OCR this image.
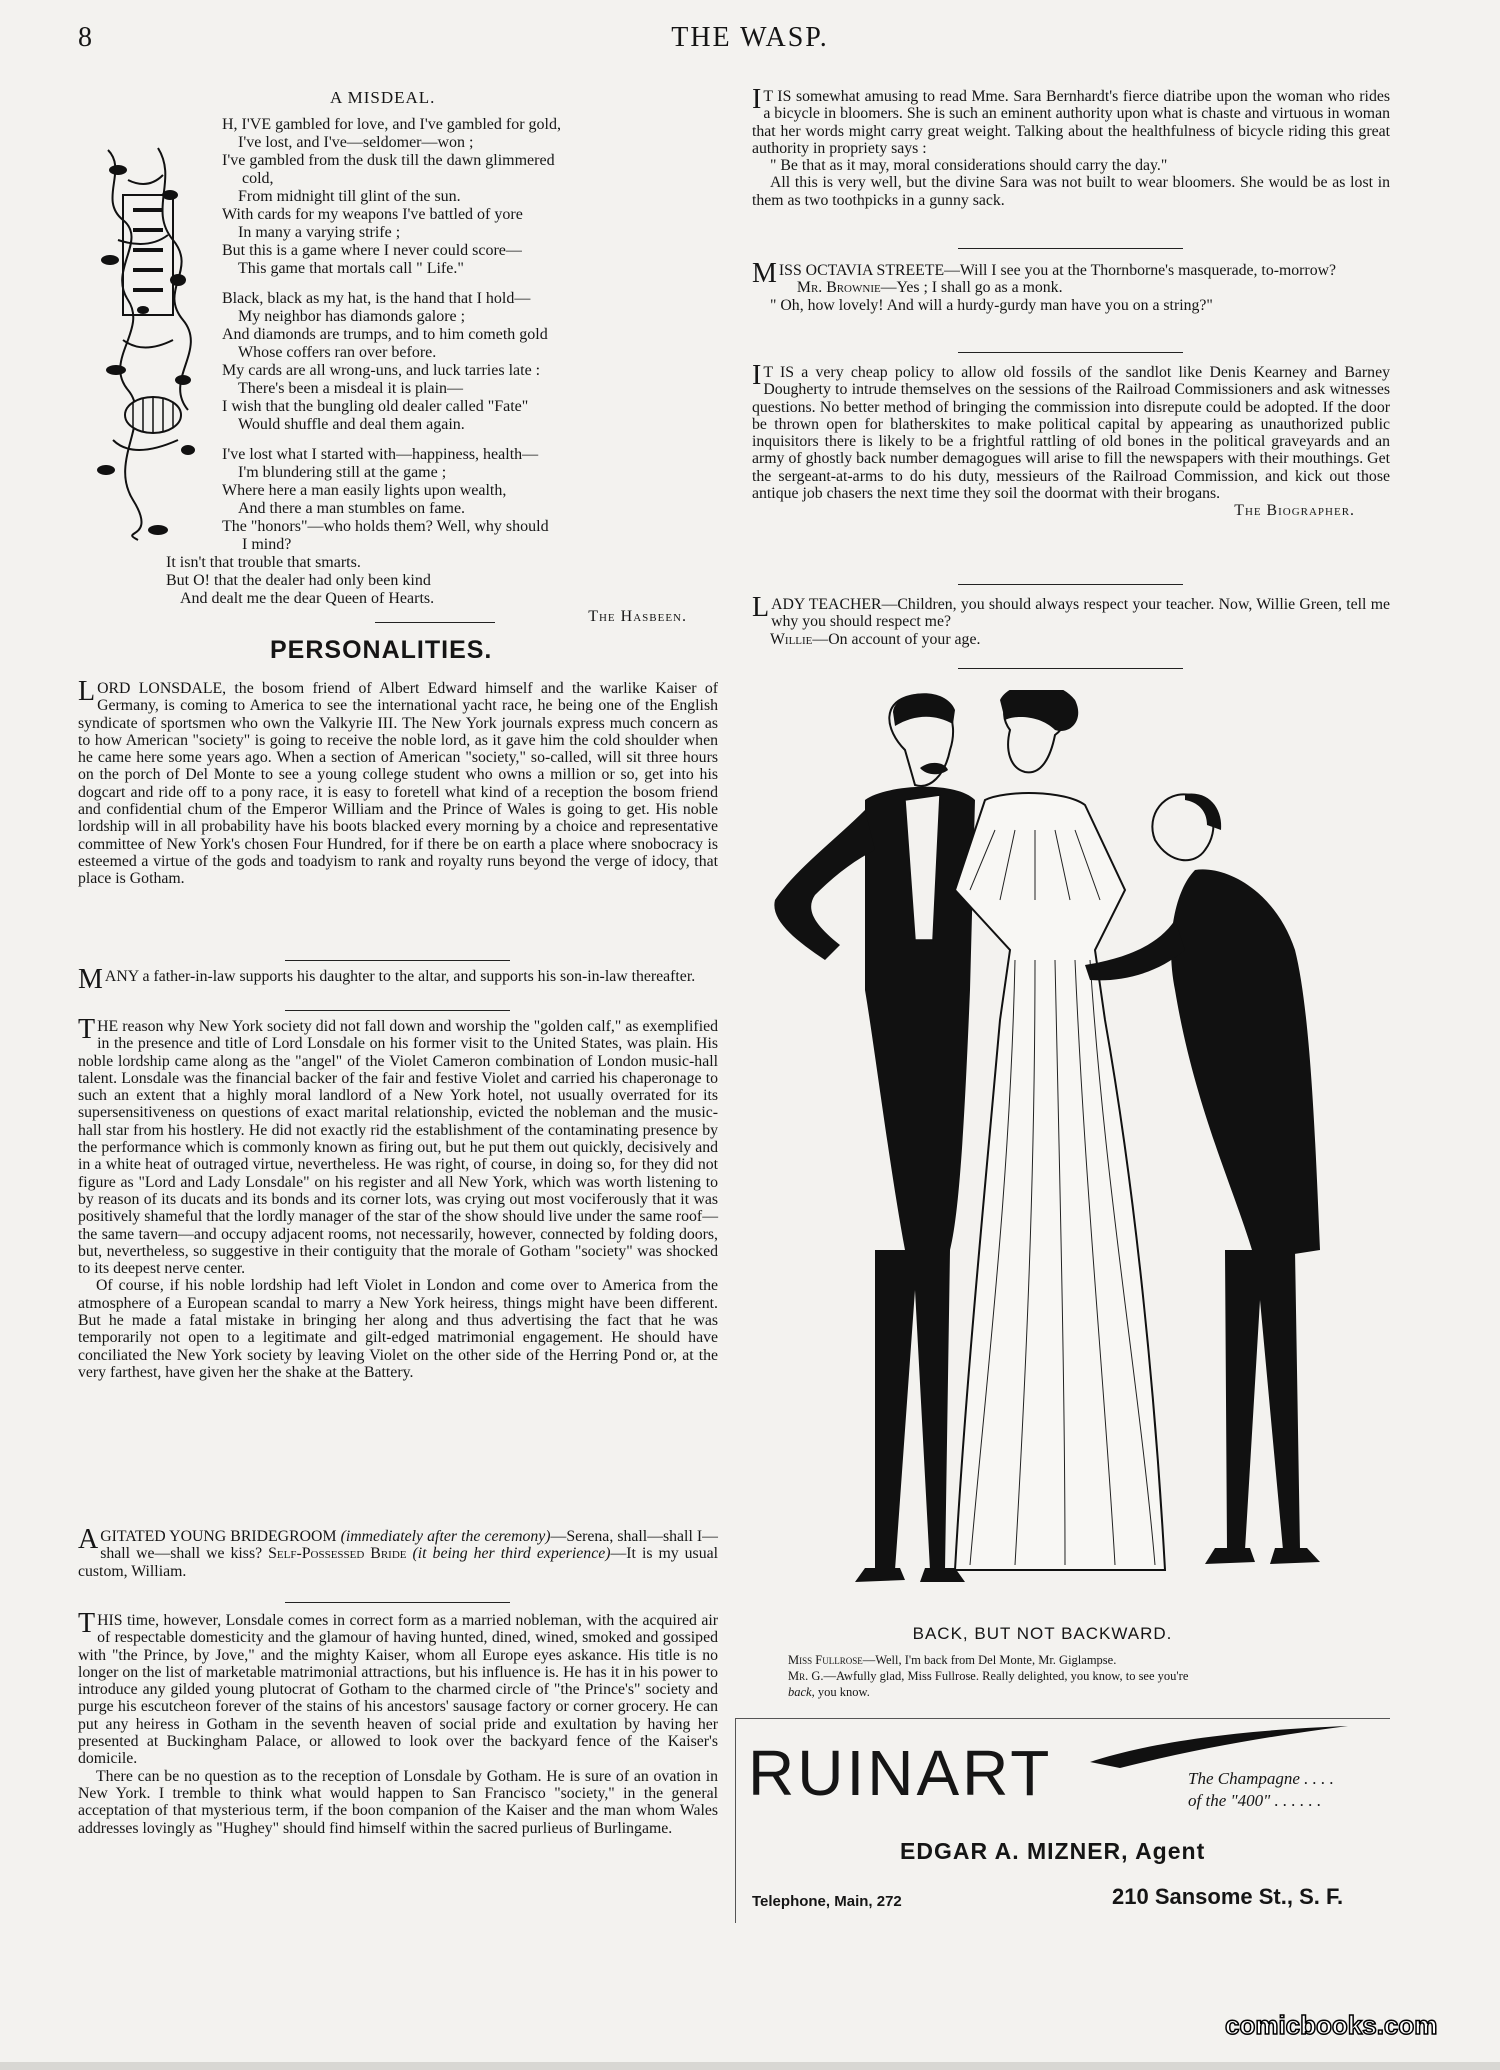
8	THE WASP.
A MISDEAL.
H, I'VE gambled for love, and I've gambled for gold,
I've lost, and I've—seldomer—won ;
I've gambled from the dusk till the dawn glimmered
cold,
From midnight till glint of the sun.
With cards for my weapons I've battled of yore
In many a varying strife ;
But this is a game where I never could score—
This game that mortals call " Life."
Black, black as my hat, is the hand that I hold—
My neighbor has diamonds galore ;
And diamonds are trumps, and to him cometh gold
Whose coffers ran over before.
My cards are all wrong-uns, and luck tarries late :
There's been a misdeal it is plain—
I wish that the bungling old dealer called "Fate"
Would shuffle and deal them again.
I've lost what I started with—happiness, health—
I'm blundering still at the game ;
Where here a man easily lights upon wealth,
And there a man stumbles on fame.
The "honors"—who holds them? Well, why should
I mind?
It isn't that trouble that smarts.
But O! that the dealer had only been kind
And dealt me the dear Queen of Hearts.
The Hasbeen.
PERSONALITIES.

LORD LONSDALE, the bosom friend of Albert Edward himself and the warlike Kaiser of Germany, is coming to America to see the international yacht race, he being one of the English syndicate of sportsmen who own the Valkyrie III. The New York journals express much concern as to how American "society" is going to receive the noble lord, as it gave him the cold shoulder when he came here some years ago. When a section of American "society," so-called, will sit three hours on the porch of Del Monte to see a young college student who owns a million or so, get into his dogcart and ride off to a pony race, it is easy to foretell what kind of a reception the bosom friend and confidential chum of the Emperor William and the Prince of Wales is going to get. His noble lordship will in all probability have his boots blacked every morning by a choice and representative committee of New York's chosen Four Hundred, for if there be on earth a place where snobocracy is esteemed a virtue of the gods and toadyism to rank and royalty runs beyond the verge of idocy, that place is Gotham.

MANY a father-in-law supports his daughter to the altar, and supports his son-in-law thereafter.

THE reason why New York society did not fall down and worship the "golden calf," as exemplified in the presence and title of Lord Lonsdale on his former visit to the United States, was plain. His noble lordship came along as the "angel" of the Violet Cameron combination of London music-hall talent. Lonsdale was the financial backer of the fair and festive Violet and carried his chaperonage to such an extent that a highly moral landlord of a New York hotel, not usually overrated for its supersensitiveness on questions of exact marital relationship, evicted the nobleman and the music-hall star from his hostlery. He did not exactly rid the establishment of the contaminating presence by the performance which is commonly known as firing out, but he put them out quickly, decisively and in a white heat of outraged virtue, nevertheless. He was right, of course, in doing so, for they did not figure as "Lord and Lady Lonsdale" on his register and all New York, which was worth listening to by reason of its ducats and its bonds and its corner lots, was crying out most vociferously that it was positively shameful that the lordly manager of the star of the show should live under the same roof—the same tavern—and occupy adjacent rooms, not necessarily, however, connected by folding doors, but, nevertheless, so suggestive in their contiguity that the morale of Gotham "society" was shocked to its deepest nerve center.

Of course, if his noble lordship had left Violet in London and come over to America from the atmosphere of a European scandal to marry a New York heiress, things might have been different. But he made a fatal mistake in bringing her along and thus advertising the fact that he was temporarily not open to a legitimate and gilt-edged matrimonial engagement. He should have conciliated the New York society by leaving Violet on the other side of the Herring Pond or, at the very farthest, have given her the shake at the Battery.

AGITATED YOUNG BRIDEGROOM (immediately after the ceremony)—Serena, shall—shall I—shall we—shall we kiss? Self-Possessed Bride (it being her third experience)—It is my usual custom, William.

THIS time, however, Lonsdale comes in correct form as a married nobleman, with the acquired air of respectable domesticity and the glamour of having hunted, dined, wined, smoked and gossiped with "the Prince, by Jove," and the mighty Kaiser, whom all Europe eyes askance. His title is no longer on the list of marketable matrimonial attractions, but his influence is. He has it in his power to introduce any gilded young plutocrat of Gotham to the charmed circle of "the Prince's" society and purge his escutcheon forever of the stains of his ancestors' sausage factory or corner grocery. He can put any heiress in Gotham in the seventh heaven of social pride and exultation by having her presented at Buckingham Palace, or allowed to look over the backyard fence of the Kaiser's domicile.

There can be no question as to the reception of Lonsdale by Gotham. He is sure of an ovation in New York. I tremble to think what would happen to San Francisco "society," in the general acceptation of that mysterious term, if the boon companion of the Kaiser and the man whom Wales addresses lovingly as "Hughey" should find himself within the sacred purlieus of Burlingame.

I T IS somewhat amusing to read Mme. Sara Bernhardt's fierce diatribe upon the woman who rides a bicycle in bloomers. She is such an eminent authority upon what is chaste and virtuous in woman that her words might carry great weight. Talking about the healthfulness of bicycle riding this great authority in propriety says :

" Be that as it may, moral considerations should carry the day."

All this is very well, but the divine Sara was not built to wear bloomers. She would be as lost in them as two toothpicks in a gunny sack.

MISS OCTAVIA STREETE—Will I see you at the Thornborne's masquerade, to-morrow?

Mr. Brownie—Yes ; I shall go as a monk.

" Oh, how lovely! And will a hurdy-gurdy man have you on a string?"

I T IS a very cheap policy to allow old fossils of the sandlot like Denis Kearney and Barney Dougherty to intrude themselves on the sessions of the Railroad Commissioners and ask witnesses questions. No better method of bringing the commission into disrepute could be adopted. If the door be thrown open for blatherskites to make political capital by appearing as unauthorized public inquisitors there is likely to be a frightful rattling of old bones in the political graveyards and an army of ghostly back number demagogues will arise to fill the newspapers with their mouthings. Get the sergeant-at-arms to do his duty, messieurs of the Railroad Commission, and kick out those antique job chasers the next time they soil the doormat with their brogans.

The Biographer.

LADY TEACHER—Children, you should always respect your teacher. Now, Willie Green, tell me why you should respect me?

Willie—On account of your age.

BACK, BUT NOT BACKWARD.
Miss Fullrose—Well, I'm back from Del Monte, Mr. Giglampse.
Mr. G.—Awfully glad, Miss Fullrose. Really delighted, you know, to see you're
back, you know.
RUINART	The Champagne . . . .
of the "400" . . . . . .
EDGAR A. MIZNER, Agent
Telephone, Main, 272	210 Sansome St., S. F.
comicbooks.com
